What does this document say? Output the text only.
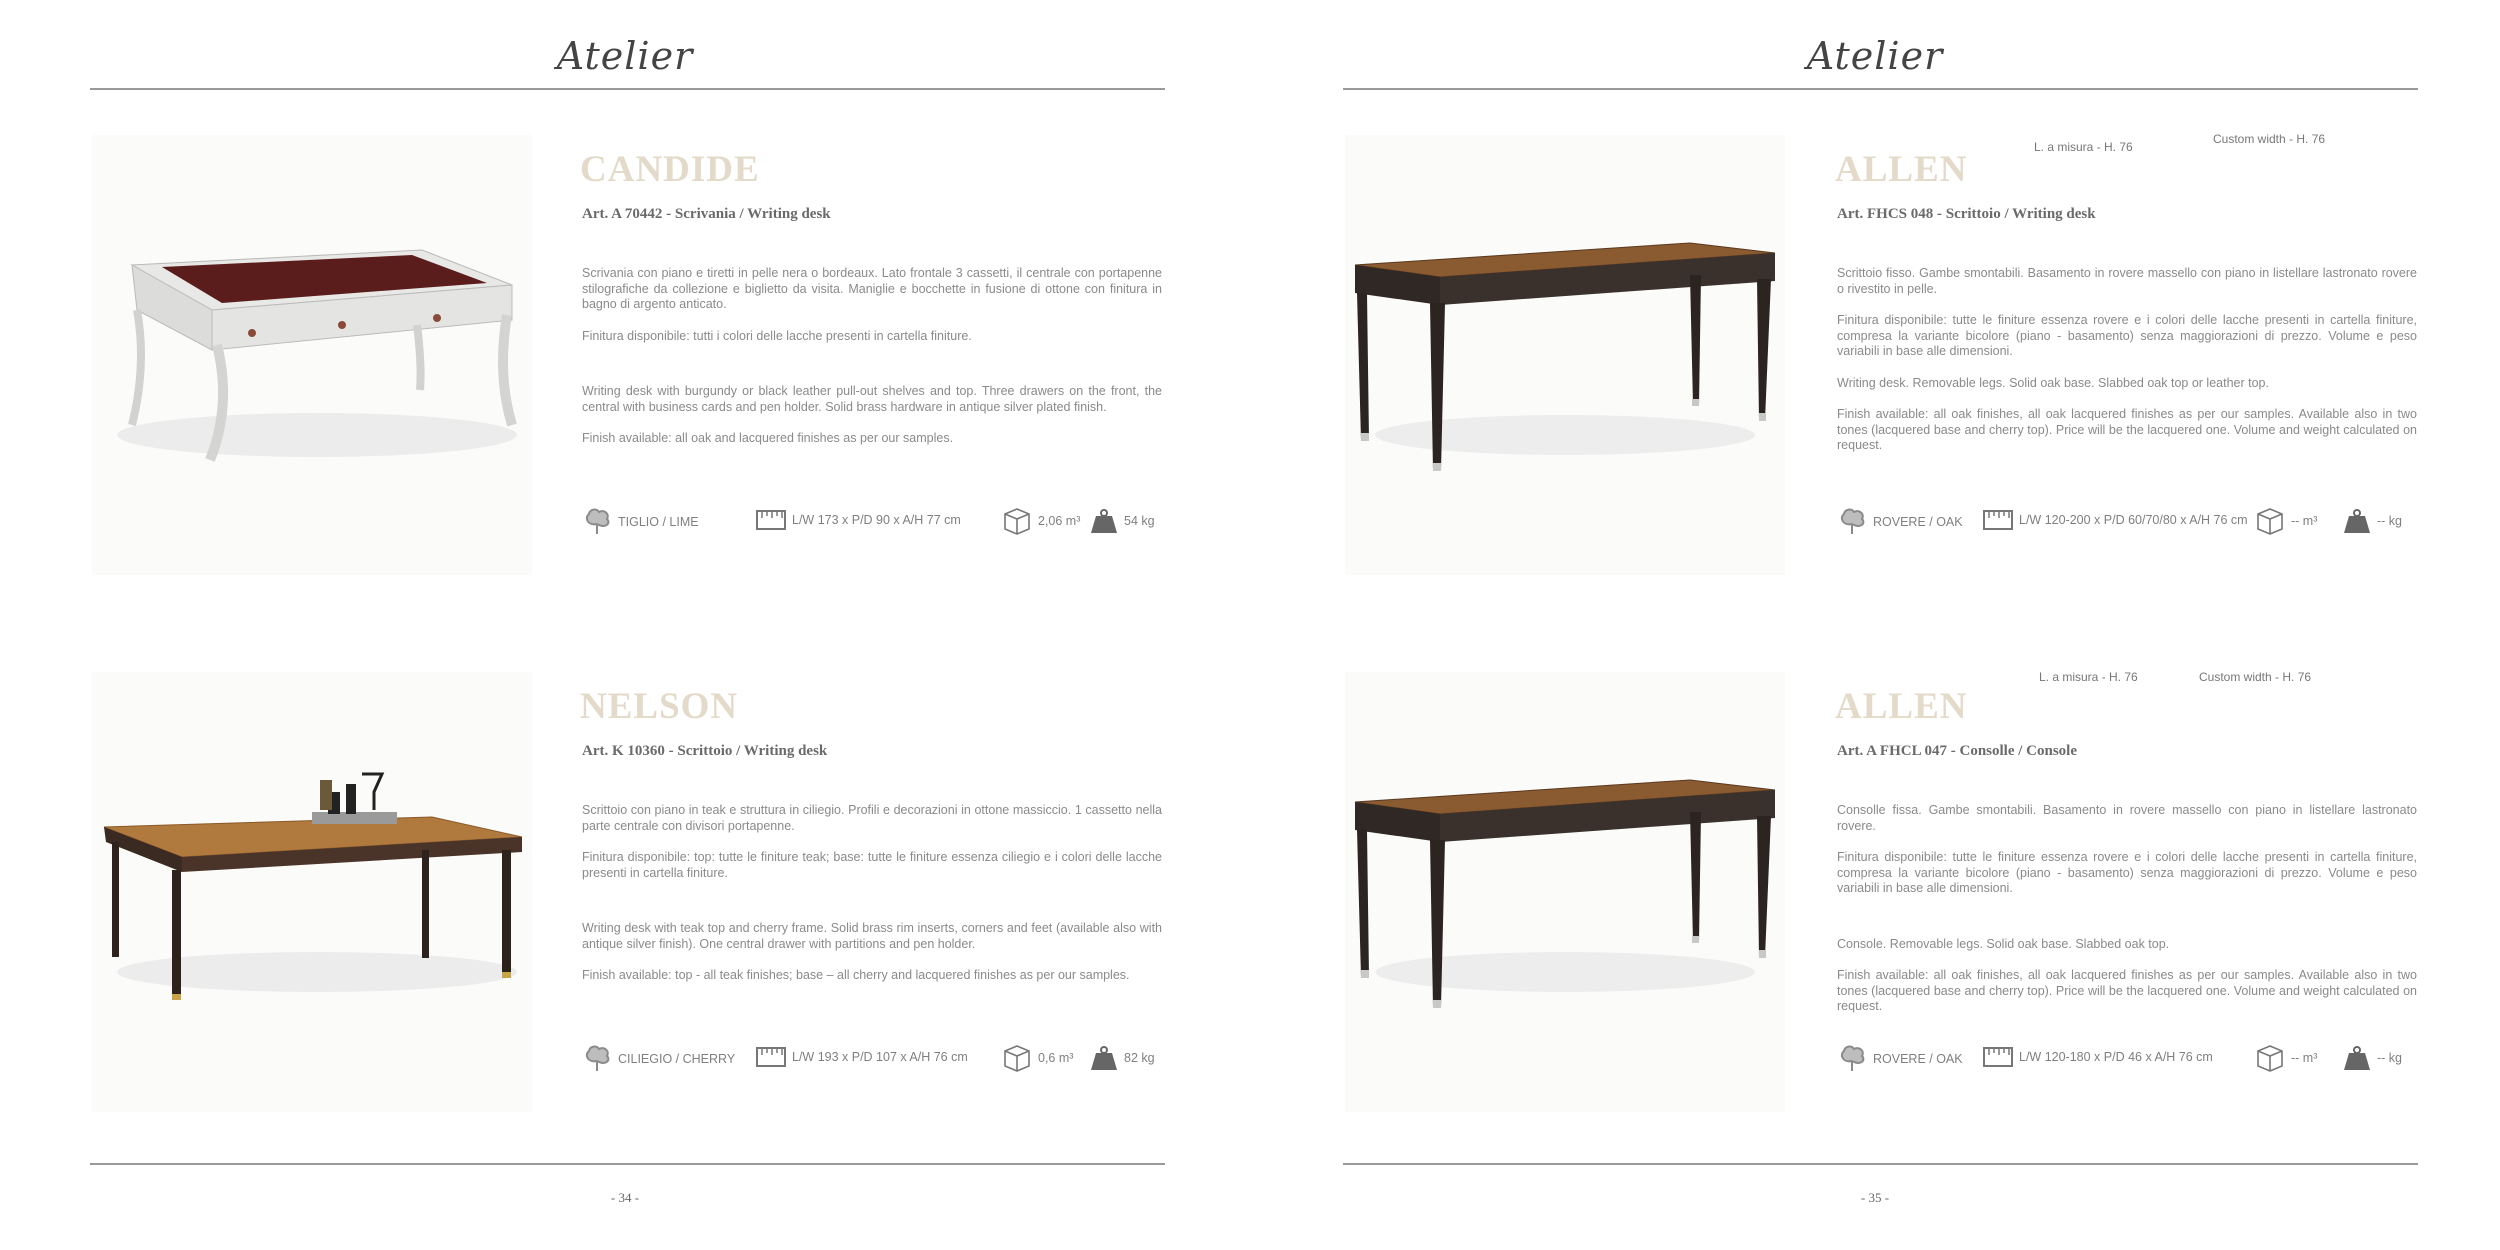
Atelier
CANDIDE
Art. A 70442 - Scrivania / Writing desk

Scrivania con piano e tiretti in pelle nera o bordeaux. Lato frontale 3 cassetti, il centrale con portapenne stilografiche da collezione e biglietto da visita. Maniglie e bocchette in fusione di ottone con finitura in bagno di argento anticato.

Finitura disponibile: tutti i colori delle lacche presenti in cartella finiture.

Writing desk with burgundy or black leather pull-out shelves and top. Three drawers on the front, the central with business cards and pen holder. Solid brass hardware in antique silver plated finish.

Finish available: all oak and lacquered finishes as per our samples.

TIGLIO / LIME	L/W 173 x P/D 90 x A/H 77 cm	2,06 m³	54 kg
NELSON
Art. K 10360 - Scrittoio / Writing desk

Scrittoio con piano in teak e struttura in ciliegio. Profili e decorazioni in ottone massiccio. 1 cassetto nella parte centrale con divisori portapenne.

Finitura disponibile: top: tutte le finiture teak; base: tutte le finiture essenza ciliegio e i colori delle lacche presenti in cartella finiture.

Writing desk with teak top and cherry frame. Solid brass rim inserts, corners and feet (available also with antique silver finish). One central drawer with partitions and pen holder.

Finish available: top - all teak finishes; base – all cherry and lacquered finishes as per our samples.

CILIEGIO / CHERRY	L/W 193 x P/D 107 x A/H 76 cm	0,6 m³	82 kg
- 34 -
Atelier
L. a misura - H. 76
Custom width - H. 76
ALLEN
Art. FHCS 048 - Scrittoio / Writing desk

Scrittoio fisso. Gambe smontabili. Basamento in rovere massello con piano in listellare lastronato rovere o rivestito in pelle.

Finitura disponibile: tutte le finiture essenza rovere e i colori delle lacche presenti in cartella finiture, compresa la variante bicolore (piano - basamento) senza maggiorazioni di prezzo. Volume e peso variabili in base alle dimensioni.

Writing desk. Removable legs. Solid oak base. Slabbed oak top or leather top.

Finish available: all oak finishes, all oak lacquered finishes as per our samples. Available also in two tones (lacquered base and cherry top). Price will be the lacquered one. Volume and weight calculated on request.

ROVERE / OAK	L/W 120-200 x P/D 60/70/80 x A/H 76 cm	-- m³	-- kg
L. a misura - H. 76	Custom width - H. 76
ALLEN
Art. A FHCL 047 - Consolle / Console

Consolle fissa. Gambe smontabili. Basamento in rovere massello con piano in listellare lastronato rovere.

Finitura disponibile: tutte le finiture essenza rovere e i colori delle lacche presenti in cartella finiture, compresa la variante bicolore (piano - basamento) senza maggiorazioni di prezzo. Volume e peso variabili in base alle dimensioni.

Console. Removable legs. Solid oak base. Slabbed oak top.

Finish available: all oak finishes, all oak lacquered finishes as per our samples. Available also in two tones (lacquered base and cherry top). Price will be the lacquered one. Volume and weight calculated on request.

ROVERE / OAK	L/W 120-180 x P/D 46 x A/H 76 cm	-- m³	-- kg
- 35 -
